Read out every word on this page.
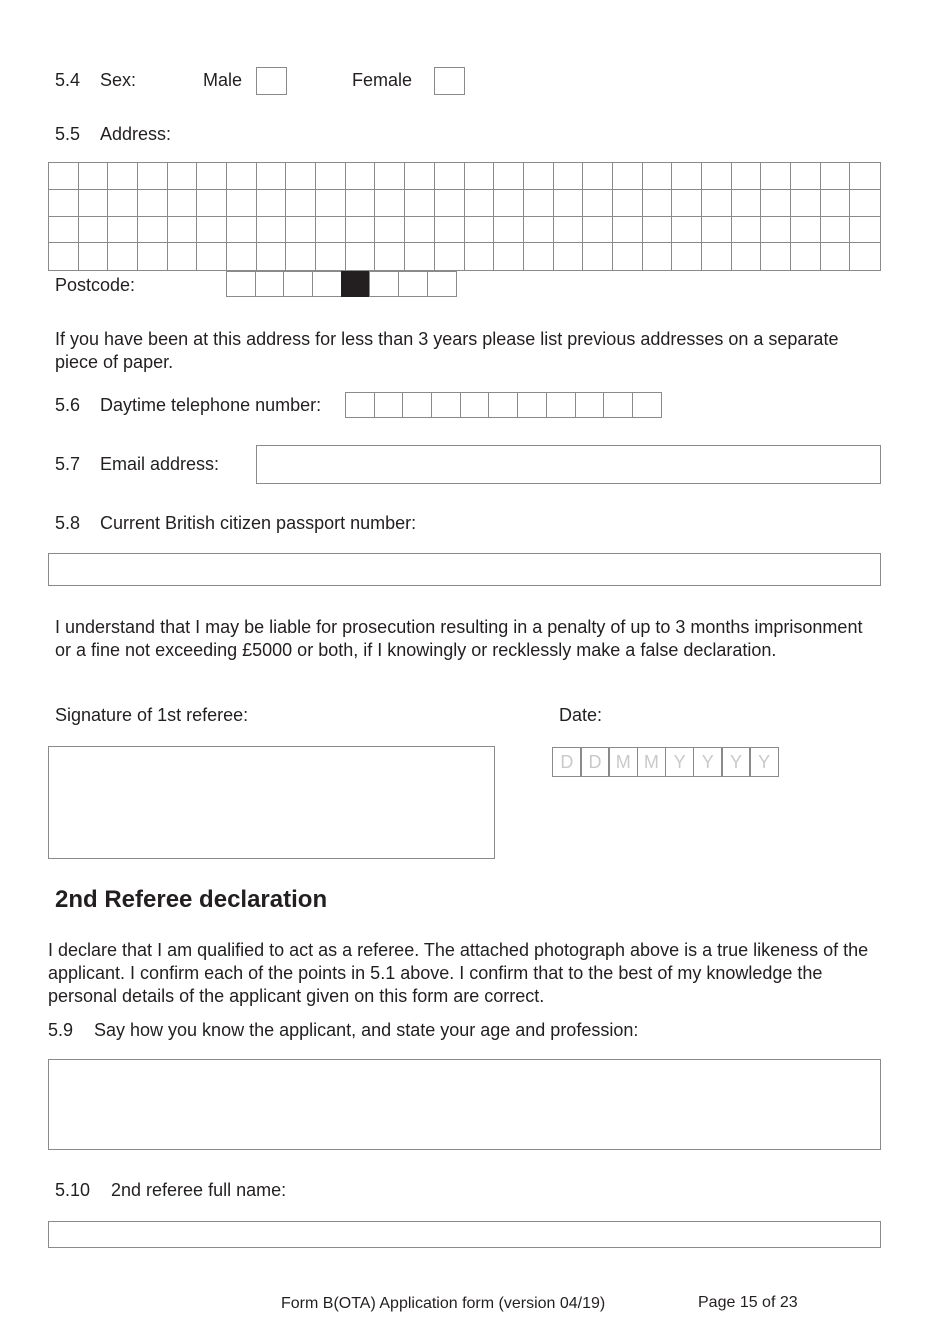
5.4 Sex:	Male	Female
5.5 Address:
Postcode:
If you have been at this address for less than 3 years please list previous addresses on a separate piece of paper.
5.6 Daytime telephone number:
5.7 Email address:
5.8 Current British citizen passport number:
I understand that I may be liable for prosecution resulting in a penalty of up to 3 months imprisonment or a fine not exceeding £5000 or both, if I knowingly or recklessly make a false declaration.
Signature of 1st referee:	Date:
D D M M Y Y Y Y
2nd Referee declaration
I declare that I am qualified to act as a referee. The attached photograph above is a true likeness of the applicant. I confirm each of the points in 5.1 above. I confirm that to the best of my knowledge the personal details of the applicant given on this form are correct.
5.9 Say how you know the applicant, and state your age and profession:
5.10 2nd referee full name:
Form B(OTA) Application form (version 04/19)	Page 15 of 23
